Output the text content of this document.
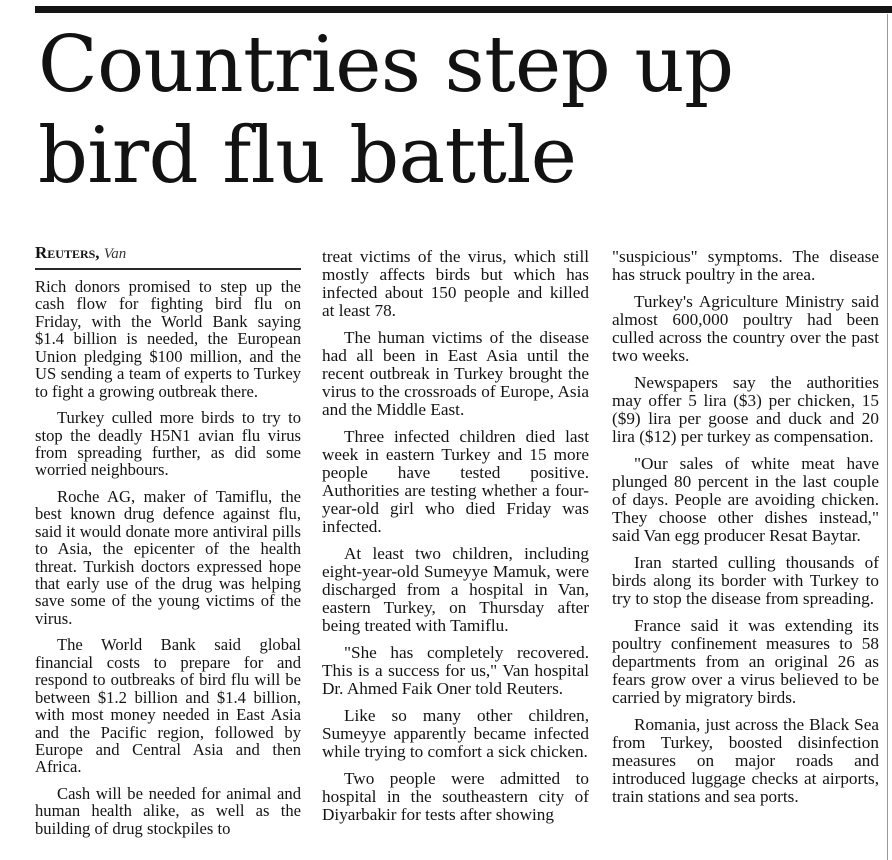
Countries step up
bird flu battle
Reuters, Van

Rich donors promised to step up the cash flow for fighting bird flu on Friday, with the World Bank saying $1.4 billion is needed, the European Union pledging $100 million, and the US sending a team of experts to Turkey to fight a growing outbreak there.

Turkey culled more birds to try to stop the deadly H5N1 avian flu virus from spreading further, as did some worried neighbours.

Roche AG, maker of Tamiflu, the best known drug defence against flu, said it would donate more antiviral pills to Asia, the epicenter of the health threat. Turkish doctors expressed hope that early use of the drug was helping save some of the young victims of the virus.

The World Bank said global financial costs to prepare for and respond to outbreaks of bird flu will be between $1.2 billion and $1.4 billion, with most money needed in East Asia and the Pacific region, followed by Europe and Central Asia and then Africa.

Cash will be needed for animal and human health alike, as well as the building of drug stockpiles to

treat victims of the virus, which still mostly affects birds but which has infected about 150 people and killed at least 78.

The human victims of the disease had all been in East Asia until the recent outbreak in Turkey brought the virus to the crossroads of Europe, Asia and the Middle East.

Three infected children died last week in eastern Turkey and 15 more people have tested positive. Authorities are testing whether a four-year-old girl who died Friday was infected.

At least two children, including eight-year-old Sumeyye Mamuk, were discharged from a hospital in Van, eastern Turkey, on Thursday after being treated with Tamiflu.

"She has completely recovered. This is a success for us," Van hospital Dr. Ahmed Faik Oner told Reuters.

Like so many other children, Sumeyye apparently became infected while trying to comfort a sick chicken.

Two people were admitted to hospital in the southeastern city of Diyarbakir for tests after showing

"suspicious" symptoms. The disease has struck poultry in the area.

Turkey's Agriculture Ministry said almost 600,000 poultry had been culled across the country over the past two weeks.

Newspapers say the authorities may offer 5 lira ($3) per chicken, 15 ($9) lira per goose and duck and 20 lira ($12) per turkey as compensation.

"Our sales of white meat have plunged 80 percent in the last couple of days. People are avoiding chicken. They choose other dishes instead," said Van egg producer Resat Baytar.

Iran started culling thousands of birds along its border with Turkey to try to stop the disease from spreading.

France said it was extending its poultry confinement measures to 58 departments from an original 26 as fears grow over a virus believed to be carried by migratory birds.

Romania, just across the Black Sea from Turkey, boosted disinfection measures on major roads and introduced luggage checks at airports, train stations and sea ports.
